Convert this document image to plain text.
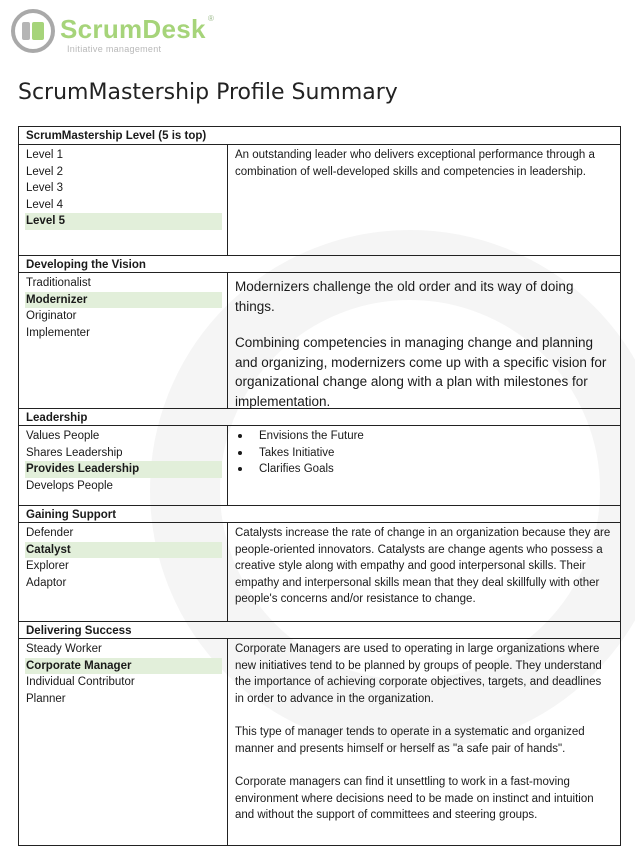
ScrumDesk ®
Initiative management
ScrumMastership Profile Summary
ScrumMastership Level (5 is top)
Level 1
Level 2
Level 3
Level 4
Level 5

An outstanding leader who delivers exceptional performance through a combination of well-developed skills and competencies in leadership.

Developing the Vision
Traditionalist
Modernizer
Originator
Implementer

Modernizers challenge the old order and its way of doing things.

Combining competencies in managing change and planning and organizing, modernizers come up with a specific vision for organizational change along with a plan with milestones for implementation.

Leadership
Values People
Shares Leadership
Provides Leadership
Develops People
Envisions the Future
Takes Initiative
Clarifies Goals
Gaining Support
Defender
Catalyst
Explorer
Adaptor

Catalysts increase the rate of change in an organization because they are people-oriented innovators. Catalysts are change agents who possess a creative style along with empathy and good interpersonal skills. Their empathy and interpersonal skills mean that they deal skillfully with other people's concerns and/or resistance to change.

Delivering Success
Steady Worker
Corporate Manager
Individual Contributor
Planner

Corporate Managers are used to operating in large organizations where new initiatives tend to be planned by groups of people. They understand the importance of achieving corporate objectives, targets, and deadlines in order to advance in the organization.

This type of manager tends to operate in a systematic and organized manner and presents himself or herself as "a safe pair of hands".

Corporate managers can find it unsettling to work in a fast-moving environment where decisions need to be made on instinct and intuition and without the support of committees and steering groups.
